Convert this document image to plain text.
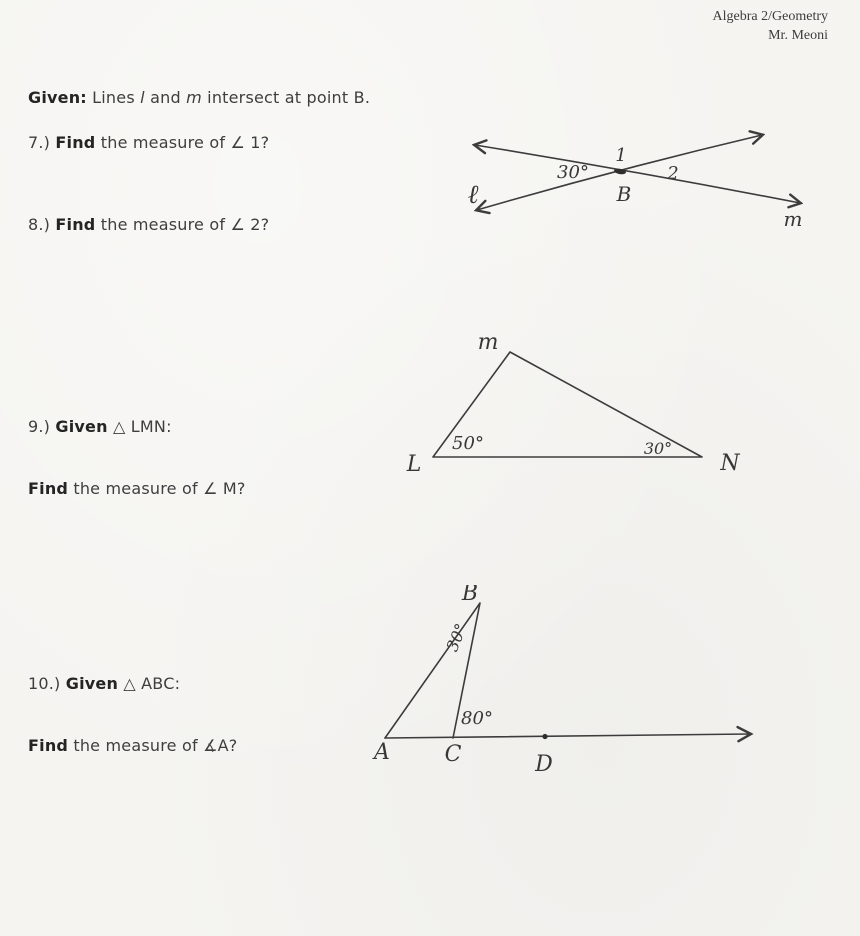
Algebra 2/Geometry
Mr. Meoni

Given: Lines l and m intersect at point B.

7.) Find the measure of ∠ 1?

8.) Find the measure of ∠ 2?

9.) Given △ LMN:

Find the measure of ∠ M?

10.) Given △ ABC:

Find the measure of ∡A?

30°
1
2
B
ℓ
m
m
L	N
50°	30°
B
A C	D
80°
30°
